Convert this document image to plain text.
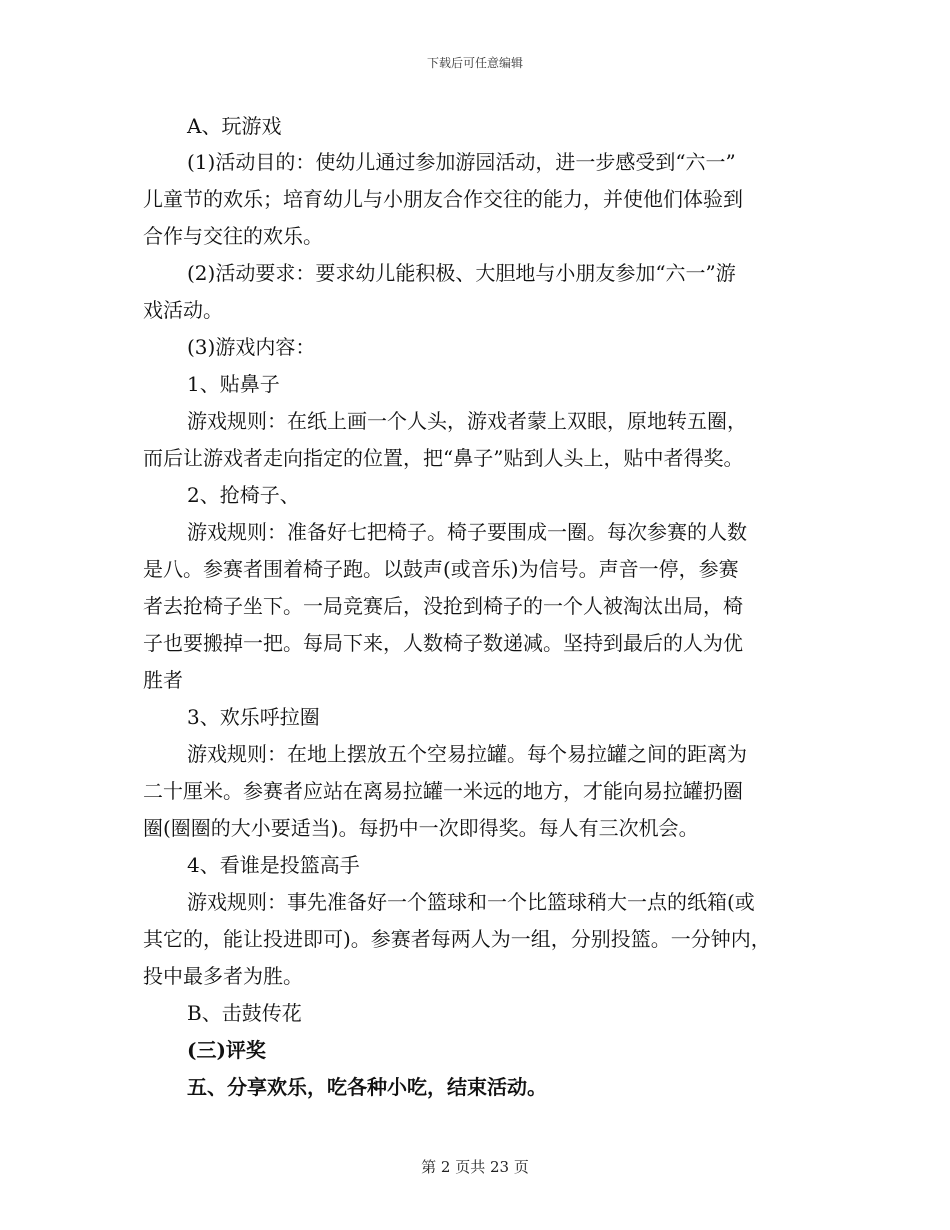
下载后可任意编辑
A、玩游戏
(1)活动目的：使幼儿通过参加游园活动，进一步感受到“六一”
儿童节的欢乐；培育幼儿与小朋友合作交往的能力，并使他们体验到
合作与交往的欢乐。
(2)活动要求：要求幼儿能积极、大胆地与小朋友参加“六一”游
戏活动。
(3)游戏内容：
1、贴鼻子
游戏规则：在纸上画一个人头，游戏者蒙上双眼，原地转五圈，
而后让游戏者走向指定的位置，把“鼻子”贴到人头上，贴中者得奖。
2、抢椅子、
游戏规则：准备好七把椅子。椅子要围成一圈。每次参赛的人数
是八。参赛者围着椅子跑。以鼓声(或音乐)为信号。声音一停，参赛
者去抢椅子坐下。一局竞赛后，没抢到椅子的一个人被淘汰出局，椅
子也要搬掉一把。每局下来，人数椅子数递减。坚持到最后的人为优
胜者
3、欢乐呼拉圈
游戏规则：在地上摆放五个空易拉罐。每个易拉罐之间的距离为
二十厘米。参赛者应站在离易拉罐一米远的地方，才能向易拉罐扔圈
圈(圈圈的大小要适当)。每扔中一次即得奖。每人有三次机会。
4、看谁是投篮高手
游戏规则：事先准备好一个篮球和一个比篮球稍大一点的纸箱(或
其它的，能让投进即可)。参赛者每两人为一组，分别投篮。一分钟内，
投中最多者为胜。
B、击鼓传花
(三)评奖
五、分享欢乐，吃各种小吃，结束活动。
第 2 页共 23 页
